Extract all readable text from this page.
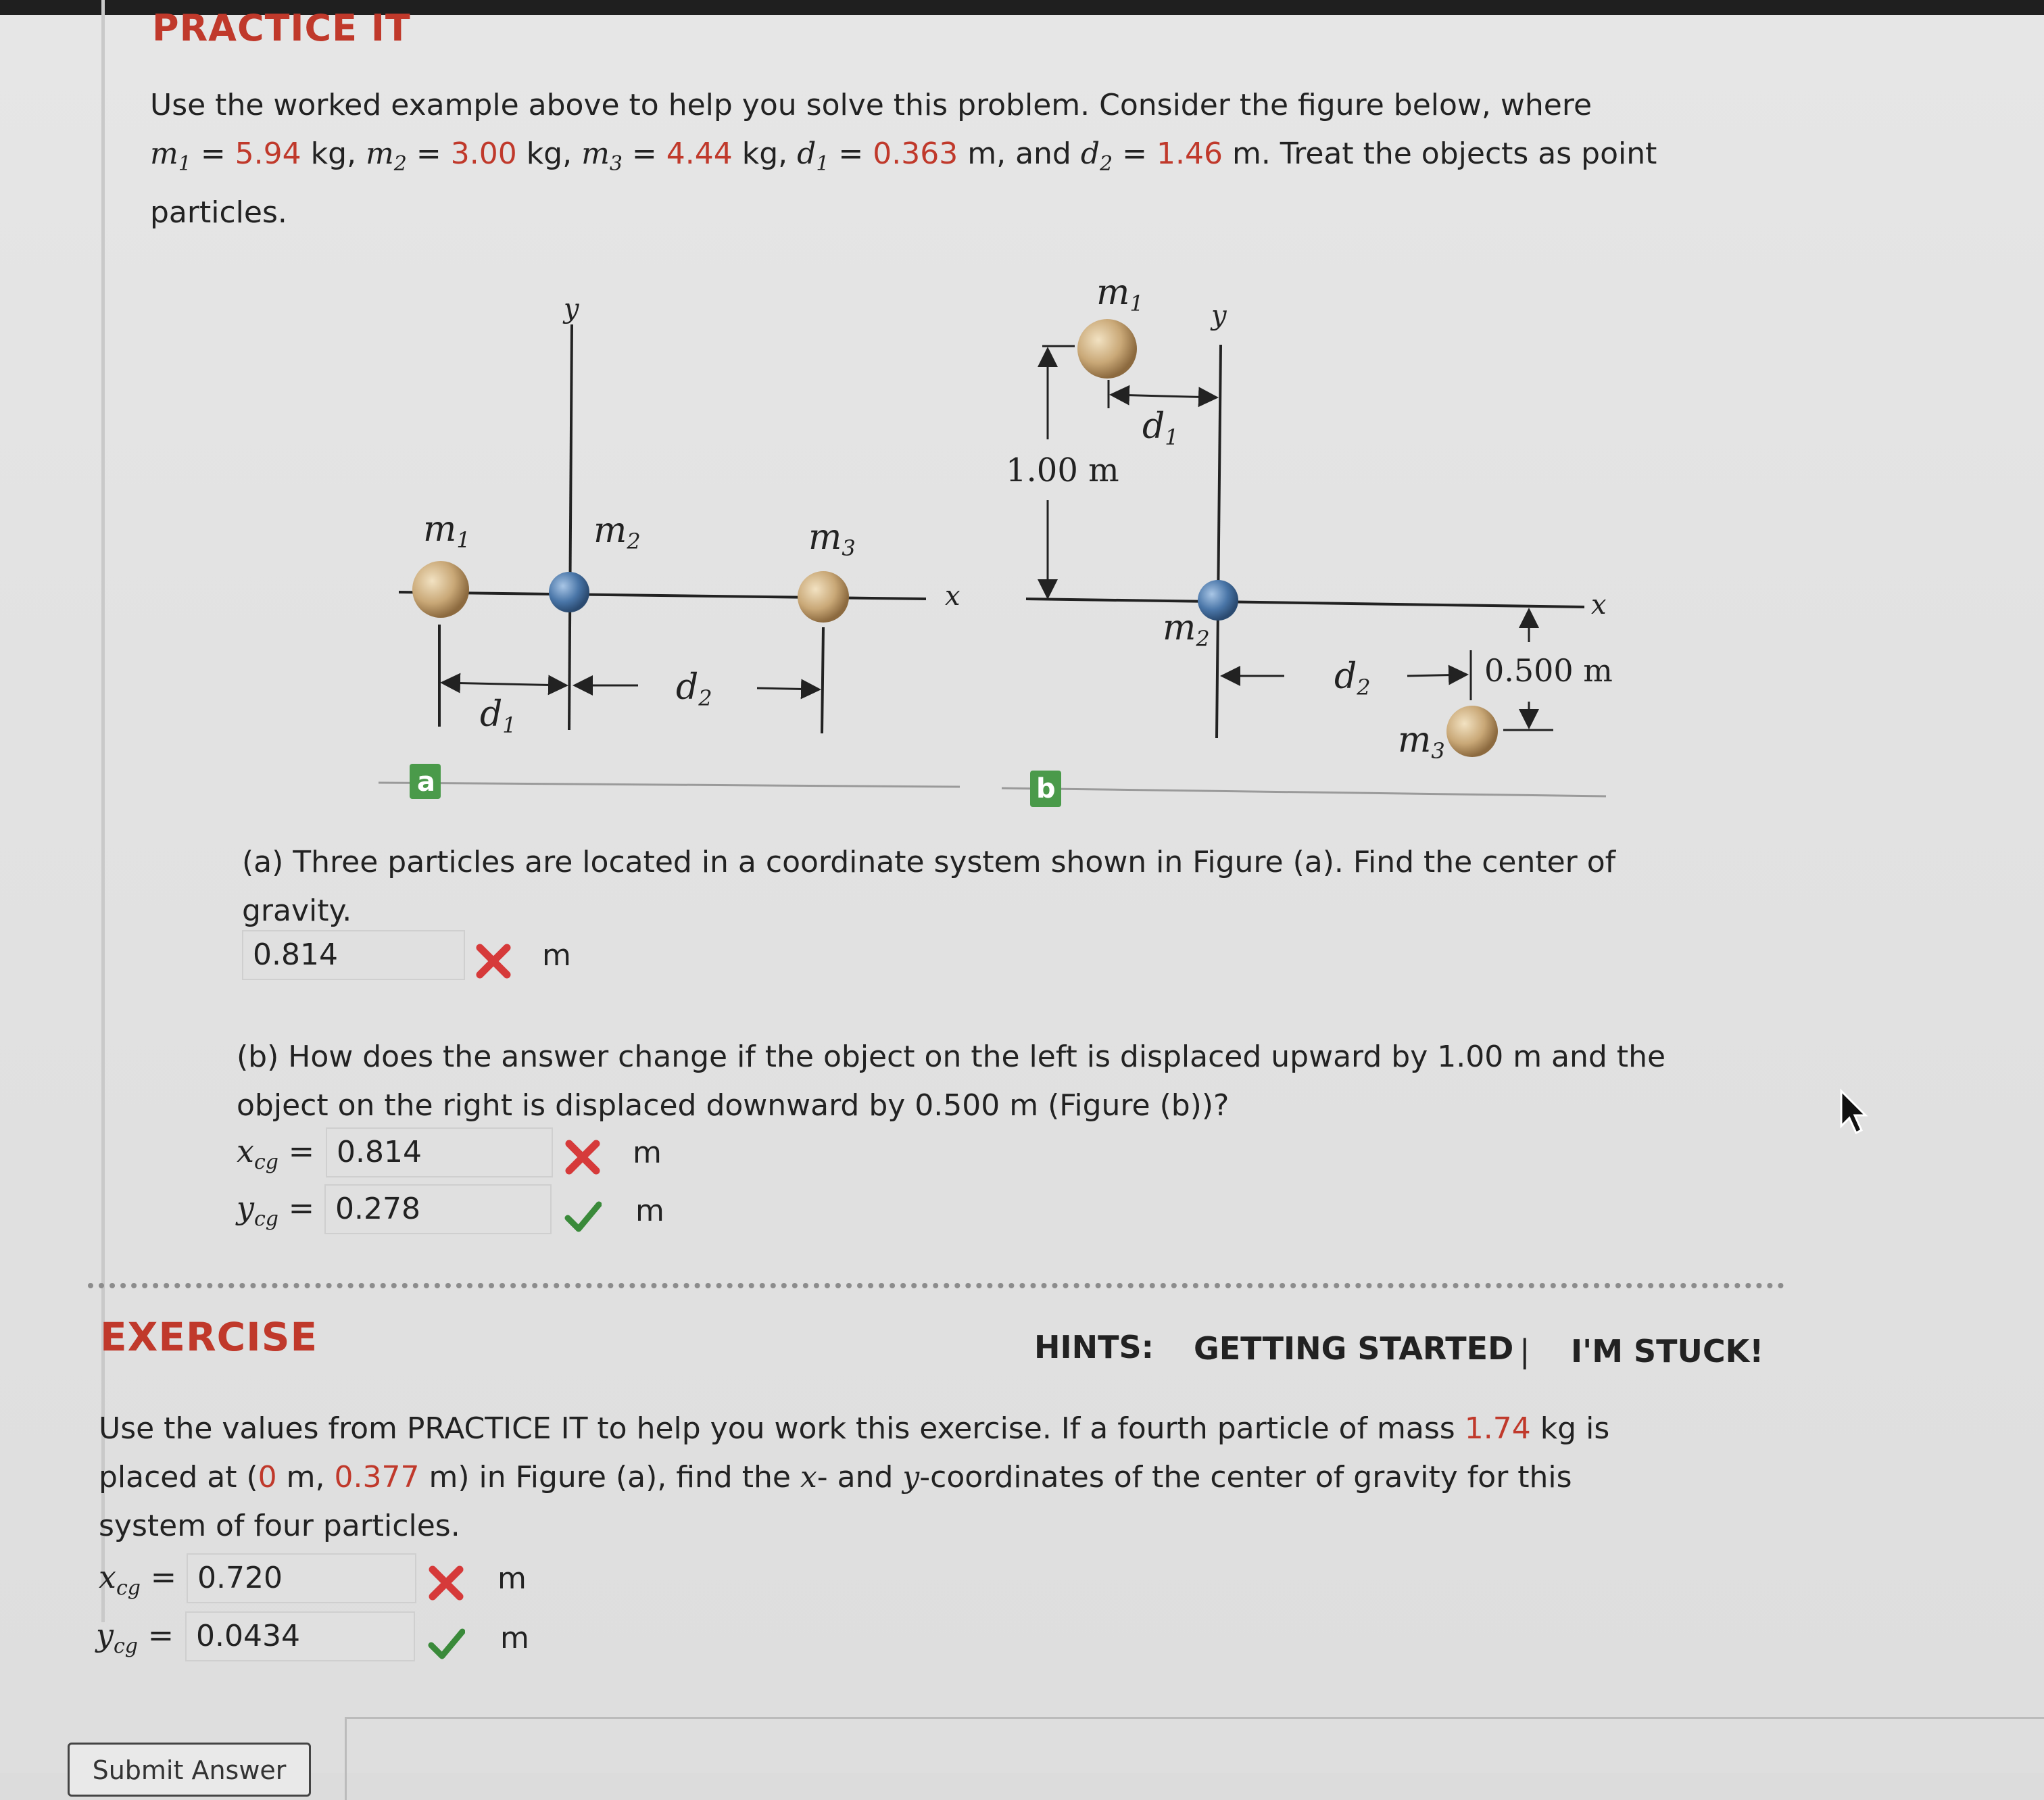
PRACTICE IT
Use the worked example above to help you solve this problem. Consider the figure below, where
$m_1 = 5.94$ kg, $m_2 = 3.00$ kg, $m_3 = 4.44$ kg, $d_1 = 0.363$ m, and $d_2 = 1.46$ m. Treat the objects as point
particles.
x
y
m1	m2	m3
d1
d2
a
x
y
m1
m2
m3
1.00 m
d1
d2	0.500 m
b
(a) Three particles are located in a coordinate system shown in Figure (a). Find the center of
gravity.
0.814	m
(b) How does the answer change if the object on the left is displaced upward by 1.00 m and the
object on the right is displaced downward by 0.500 m (Figure (b))?
$x_{cg} = 0.814$	m
$y_{cg} = 0.278$	m
EXERCISE	HINTS: GETTING STARTED | I'M STUCK!
Use the values from PRACTICE IT to help you work this exercise. If a fourth particle of mass 1.74 kg is
placed at (0 m, 0.377 m) in Figure (a), find the x- and y-coordinates of the center of gravity for this
system of four particles.
$x_{cg} = 0.720$	m
$y_{cg} = 0.0434$	m
Submit Answer
